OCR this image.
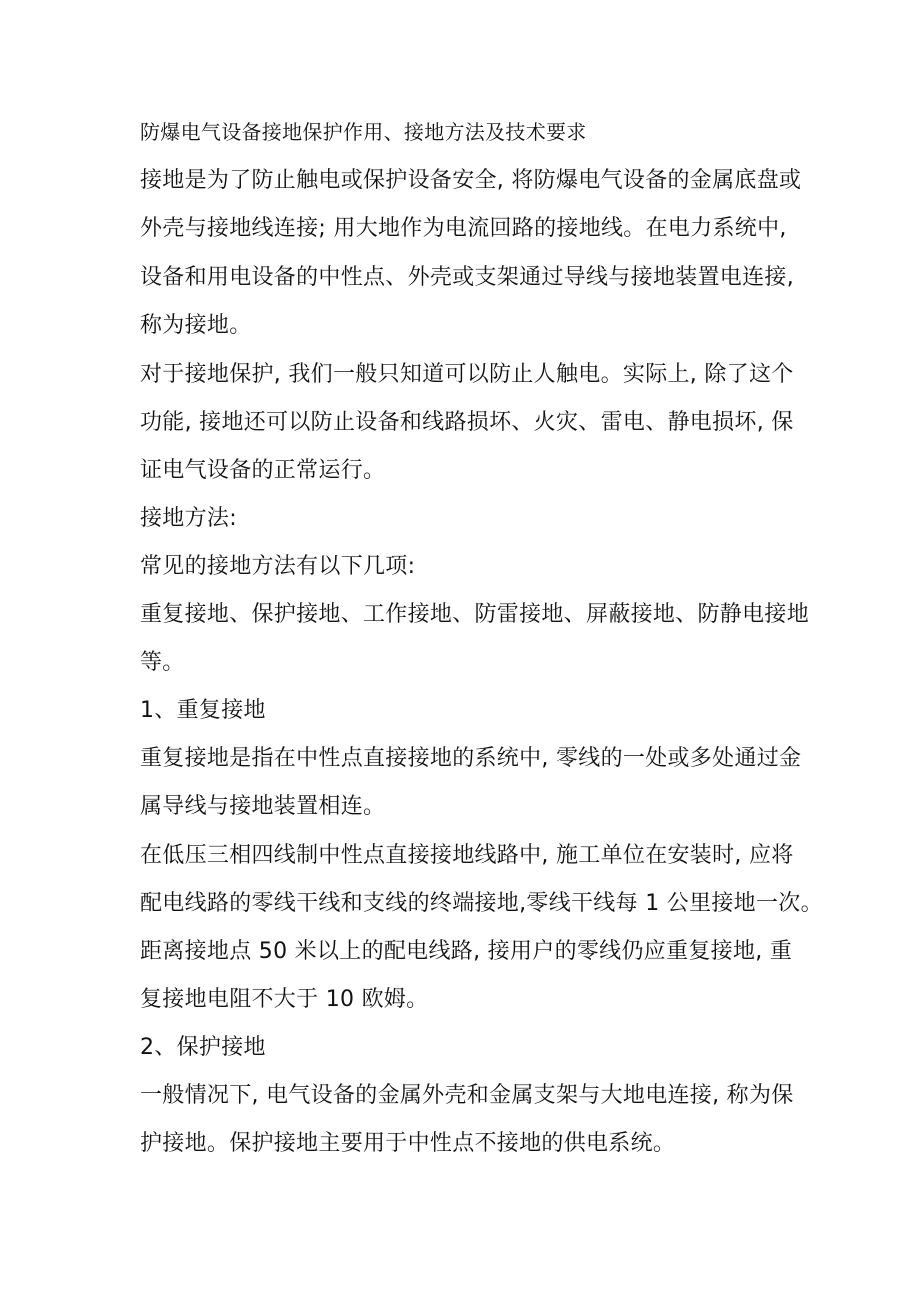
防爆电气设备接地保护作用、接地方法及技术要求
接地是为了防止触电或保护设备安全, 将防爆电气设备的金属底盘或
外壳与接地线连接; 用大地作为电流回路的接地线。在电力系统中,
设备和用电设备的中性点、外壳或支架通过导线与接地装置电连接,
称为接地。
对于接地保护, 我们一般只知道可以防止人触电。实际上, 除了这个
功能, 接地还可以防止设备和线路损坏、火灾、雷电、静电损坏, 保
证电气设备的正常运行。
接地方法:
常见的接地方法有以下几项:
重复接地、保护接地、工作接地、防雷接地、屏蔽接地、防静电接地
等。
1、重复接地
重复接地是指在中性点直接接地的系统中, 零线的一处或多处通过金
属导线与接地装置相连。
在低压三相四线制中性点直接接地线路中, 施工单位在安装时, 应将
配电线路的零线干线和支线的终端接地,零线干线每 1 公里接地一次。
距离接地点 50 米以上的配电线路, 接用户的零线仍应重复接地, 重
复接地电阻不大于 10 欧姆。
2、保护接地
一般情况下, 电气设备的金属外壳和金属支架与大地电连接, 称为保
护接地。保护接地主要用于中性点不接地的供电系统。
